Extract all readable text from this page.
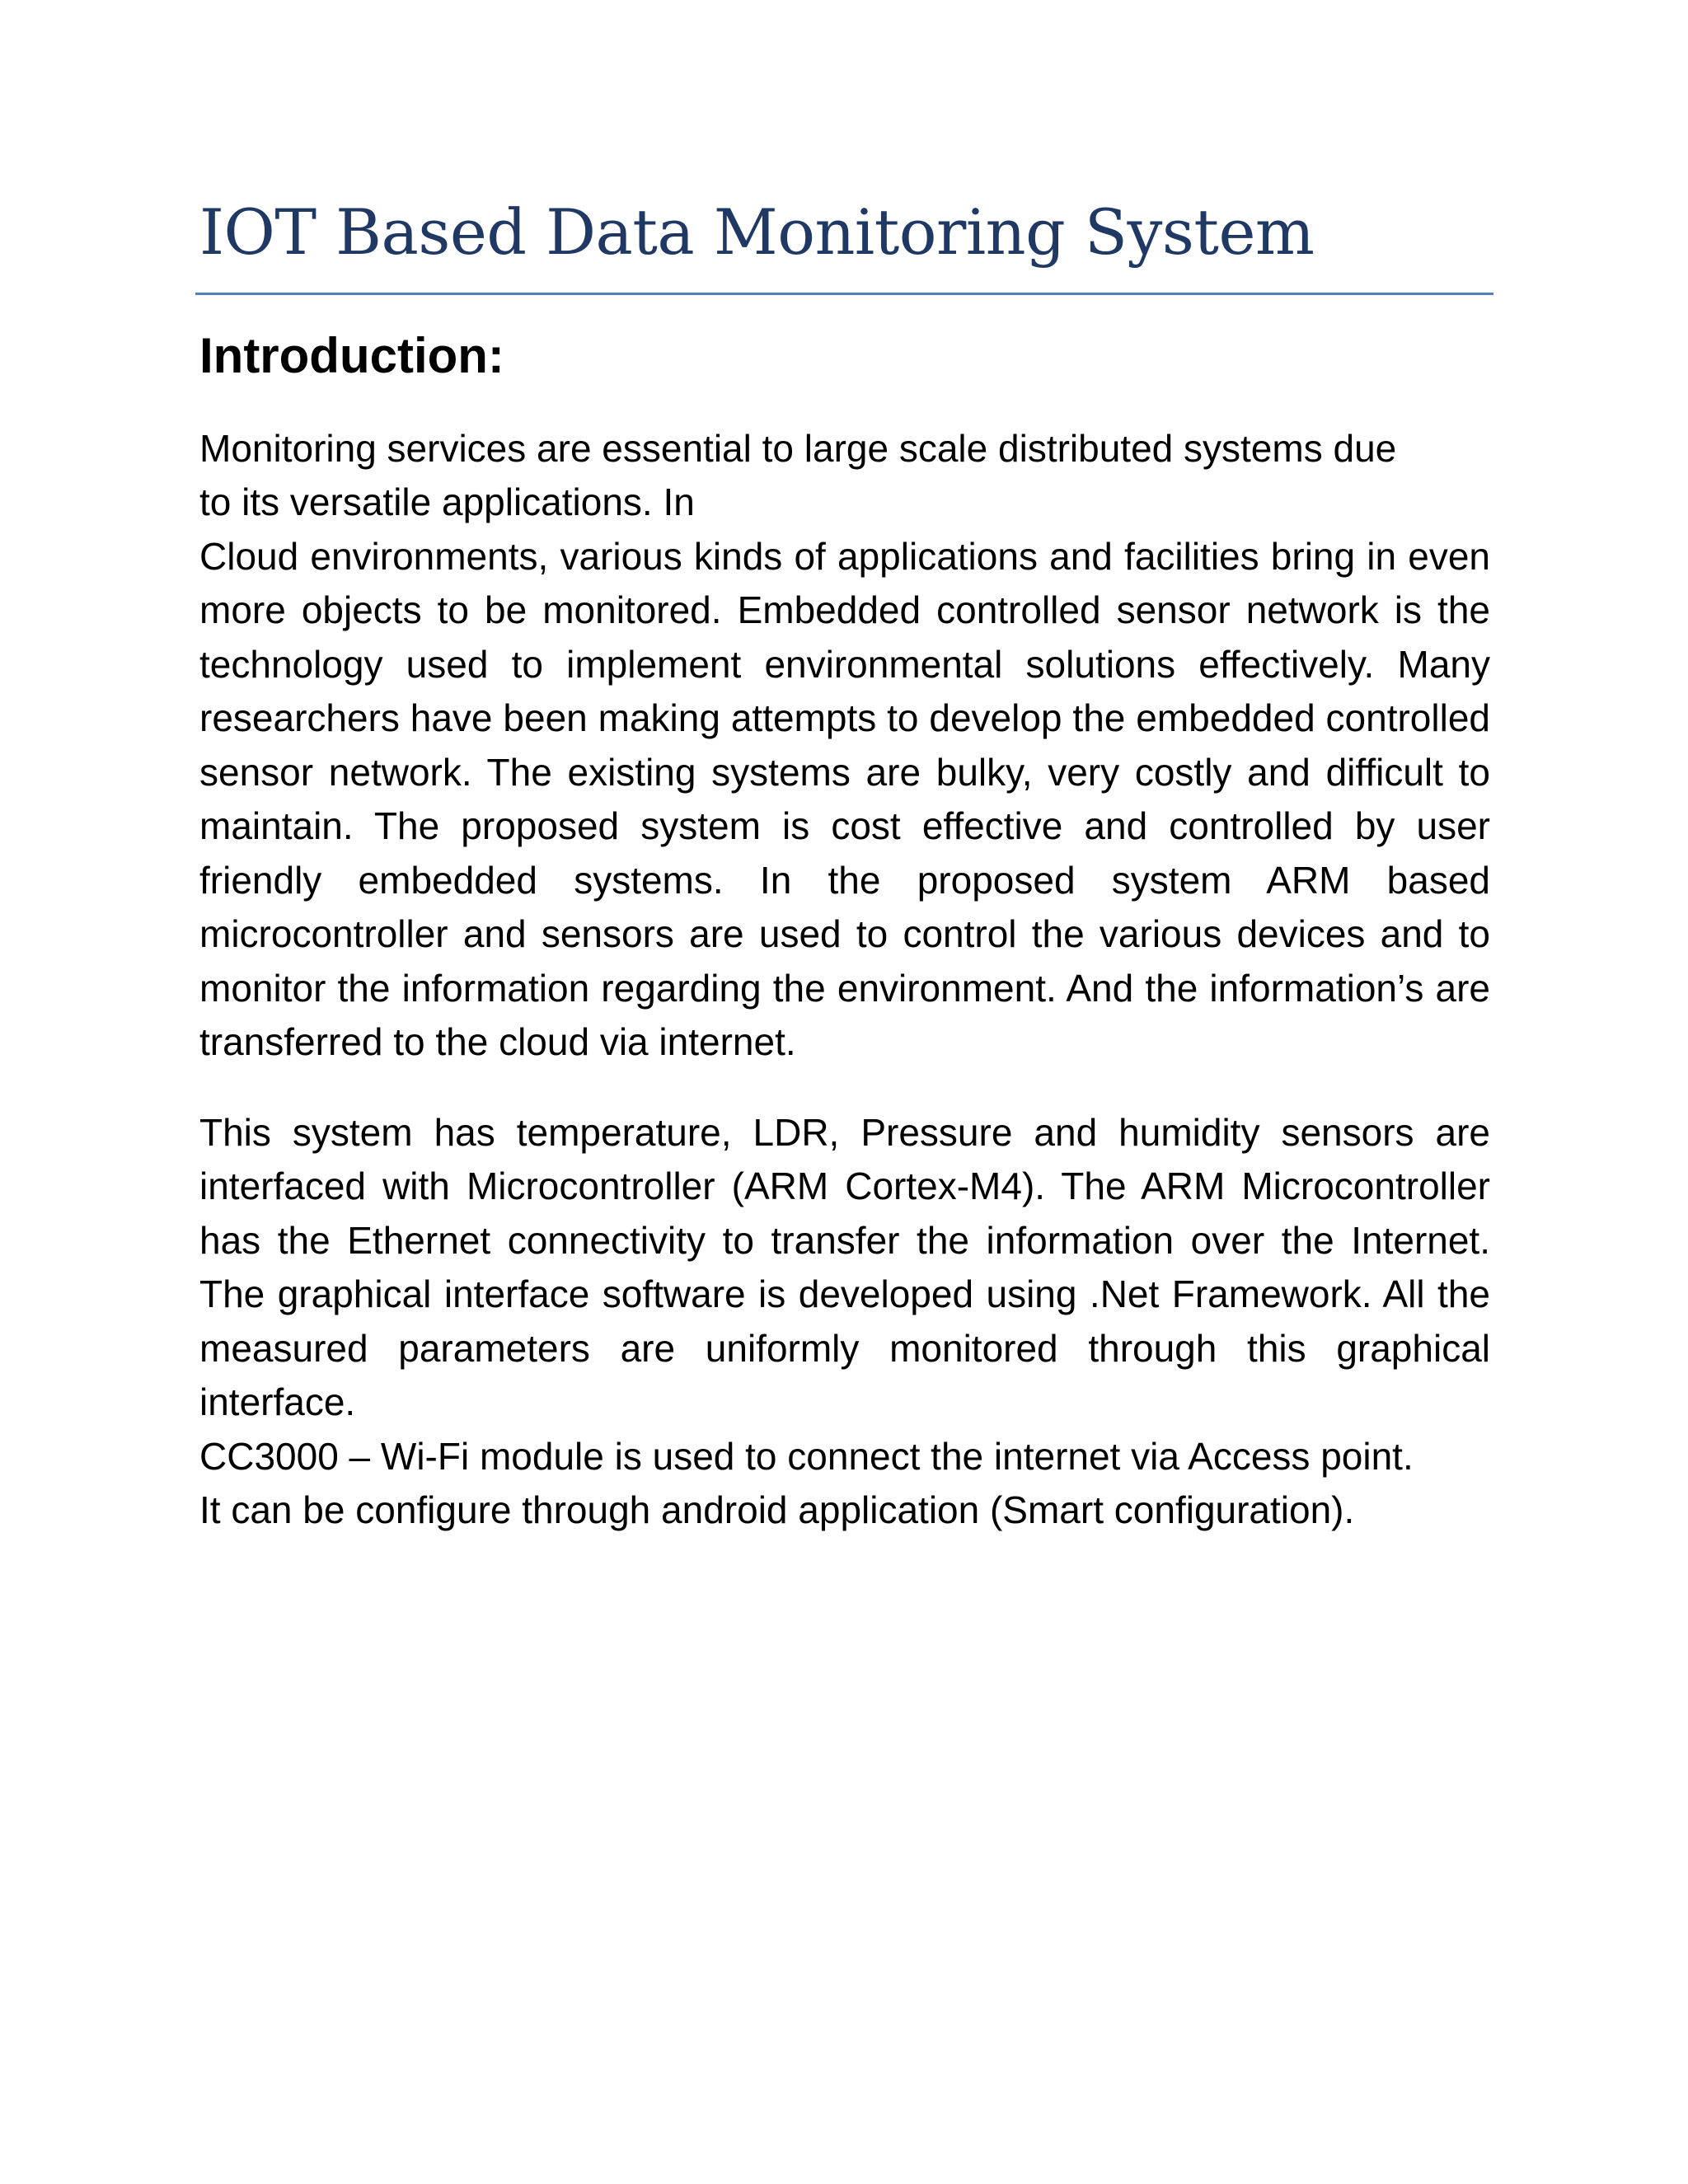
IOT Based Data Monitoring System
Introduction:
Monitoring services are essential to large scale distributed systems due
to its versatile applications. In
Cloud environments, various kinds of applications and facilities bring in even more objects to be monitored. Embedded controlled sensor network is the technology used to implement environmental solutions effectively. Many researchers have been making attempts to develop the embedded controlled sensor network. The existing systems are bulky, very costly and difficult to maintain. The proposed system is cost effective and controlled by user friendly embedded systems. In the proposed system ARM based microcontroller and sensors are used to control the various devices and to monitor the information regarding the environment. And the information’s are transferred to the cloud via internet.
This system has temperature, LDR, Pressure and humidity sensors are interfaced with Microcontroller (ARM Cortex-M4). The ARM Microcontroller has the Ethernet connectivity to transfer the information over the Internet. The graphical interface software is developed using .Net Framework. All the measured parameters are uniformly monitored through this graphical interface.
CC3000 – Wi-Fi module is used to connect the internet via Access point.
It can be configure through android application (Smart configuration).
